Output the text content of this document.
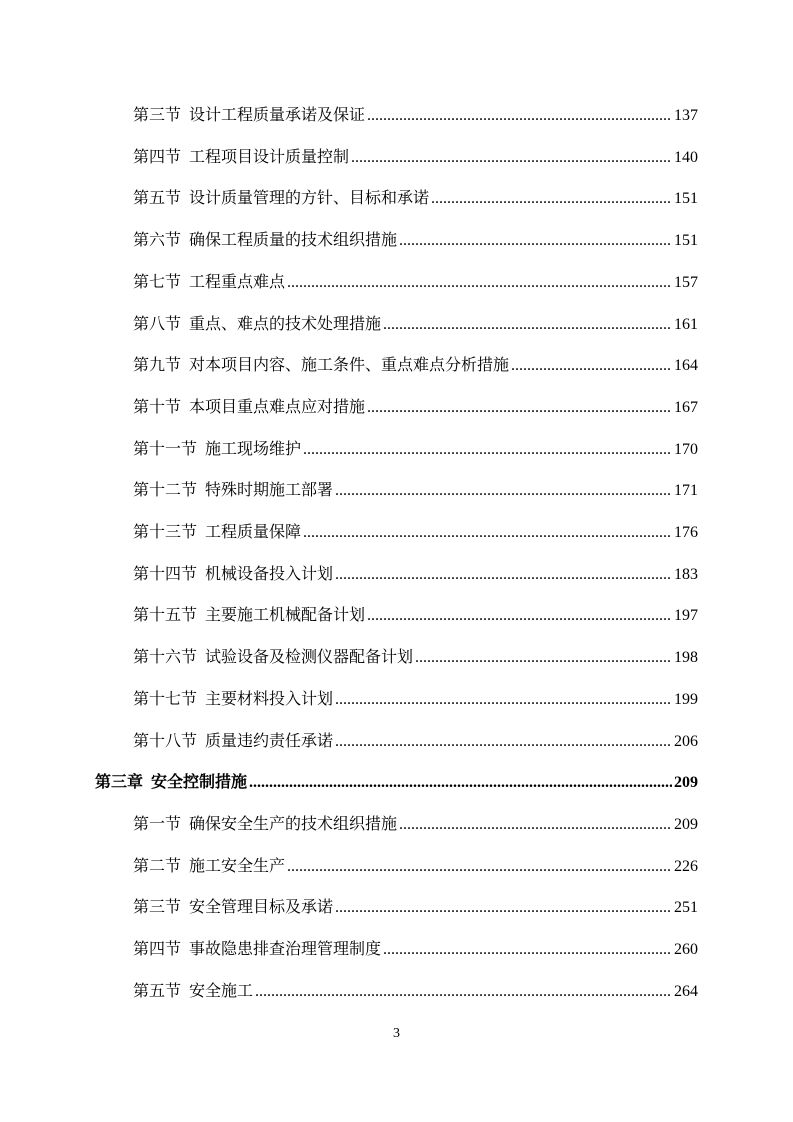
第三节 设计工程质量承诺及保证 .....	137
第四节 工程项目设计质量控制 .....	140
第五节 设计质量管理的方针、目标和承诺 .....	151
第六节 确保工程质量的技术组织措施 .....	151
第七节 工程重点难点 .....	157
第八节 重点、难点的技术处理措施 .....	161
第九节 对本项目内容、施工条件、重点难点分析措施 .....	164
第十节 本项目重点难点应对措施 .....	167
第十一节 施工现场维护 .....	170
第十二节 特殊时期施工部署 .....	171
第十三节 工程质量保障 .....	176
第十四节 机械设备投入计划 .....	183
第十五节 主要施工机械配备计划 .....	197
第十六节 试验设备及检测仪器配备计划 .....	198
第十七节 主要材料投入计划 .....	199
第十八节 质量违约责任承诺 .....	206
第三章 安全控制措施 .....	209
第一节 确保安全生产的技术组织措施 .....	209
第二节 施工安全生产 .....	226
第三节 安全管理目标及承诺 .....	251
第四节 事故隐患排查治理管理制度 .....	260
第五节 安全施工 .....	264
3
